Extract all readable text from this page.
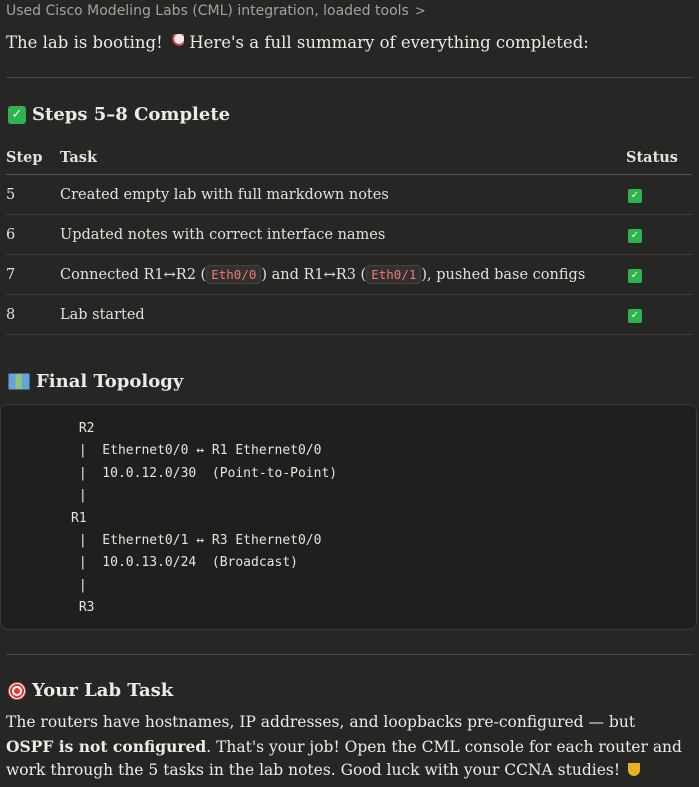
Used Cisco Modeling Labs (CML) integration, loaded tools >
The lab is booting!  Here's a full summary of everything completed:
✓ Steps 5–8 Complete
Step	Task	Status
5	Created empty lab with full markdown notes	✓
6	Updated notes with correct interface names	✓
7	Connected R1↔R2 ( Eth0/0 ) and R1↔R3 ( Eth0/1 ), pushed base configs	✓
8	Lab started	✓
Final Topology
R2
|  Ethernet0/0 ↔ R1 Ethernet0/0
|  10.0.12.0/30  (Point-to-Point)
|
R1
|  Ethernet0/1 ↔ R3 Ethernet0/0
|  10.0.13.0/24  (Broadcast)
|
R3
Your Lab Task
The routers have hostnames, IP addresses, and loopbacks pre-configured — but OSPF is not configured. That's your job! Open the CML console for each router and work through the 5 tasks in the lab notes. Good luck with your CCNA studies!
